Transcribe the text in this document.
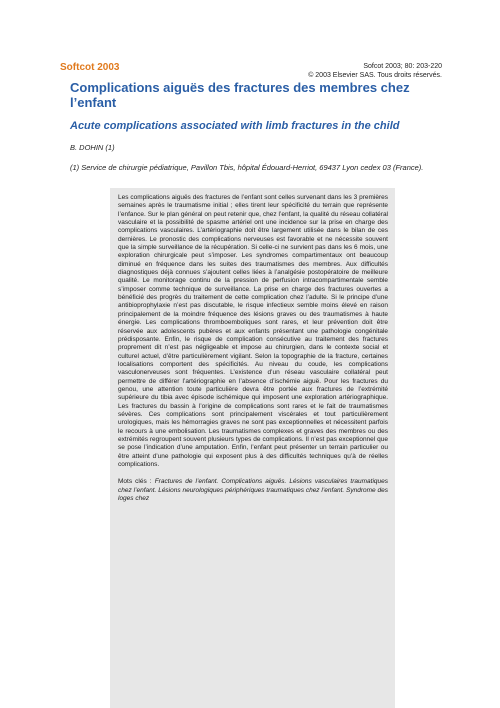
Softcot 2003	Sofcot 2003; 80: 203-220
© 2003 Elsevier SAS. Tous droits réservés.
Complications aiguës des fractures des membres chez l’enfant
Acute complications associated with limb fractures in the child
B. DOHIN (1)
(1) Service de chirurgie pédiatrique, Pavillon Tbis, hôpital Édouard-Herriot, 69437 Lyon cedex 03 (France).

Les complications aiguës des fractures de l’enfant sont celles survenant dans les 3 premières semaines après le traumatisme initial ; elles tirent leur spécificité du terrain que représente l’enfance. Sur le plan général on peut retenir que, chez l’enfant, la qualité du réseau collatéral vasculaire et la possibilité de spasme artériel ont une incidence sur la prise en charge des complications vasculaires. L’artériographie doit être largement utilisée dans le bilan de ces dernières. Le pronostic des complications nerveuses est favorable et ne nécessite souvent que la simple surveillance de la récupération. Si celle-ci ne survient pas dans les 6 mois, une exploration chirurgicale peut s’imposer. Les syndromes compartimentaux ont beaucoup diminué en fréquence dans les suites des traumatismes des membres. Aux difficultés diagnostiques déjà connues s’ajoutent celles liées à l’analgésie postopératoire de meilleure qualité. Le monitorage continu de la pression de perfusion intracompartimentale semble s’imposer comme technique de surveillance. La prise en charge des fractures ouvertes a bénéficié des progrès du traitement de cette complication chez l’adulte. Si le principe d’une antibioprophylaxie n’est pas discutable, le risque infectieux semble moins élevé en raison principalement de la moindre fréquence des lésions graves ou des traumatismes à haute énergie. Les complications thromboemboliques sont rares, et leur prévention doit être réservée aux adolescents pubères et aux enfants présentant une pathologie congénitale prédisposante. Enfin, le risque de complication consécutive au traitement des fractures proprement dit n’est pas négligeable et impose au chirurgien, dans le contexte social et culturel actuel, d’être particulièrement vigilant. Selon la topographie de la fracture, certaines localisations comportent des spécificités. Au niveau du coude, les complications vasculonerveuses sont fréquentes. L’existence d’un réseau vasculaire collatéral peut permettre de différer l’artériographie en l’absence d’ischémie aiguë. Pour les fractures du genou, une attention toute particulière devra être portée aux fractures de l’extrémité supérieure du tibia avec épisode ischémique qui imposent une exploration artériographique. Les fractures du bassin à l’origine de complications sont rares et le fait de traumatismes sévères. Ces complications sont principalement viscérales et tout particulièrement urologiques, mais les hémorragies graves ne sont pas exceptionnelles et nécessitent parfois le recours à une embolisation. Les traumatismes complexes et graves des membres ou des extrémités regroupent souvent plusieurs types de complications. Il n’est pas exceptionnel que se pose l’indication d’une amputation. Enfin, l’enfant peut présenter un terrain particulier ou être atteint d’une pathologie qui exposent plus à des difficultés techniques qu’à de réelles complications.

Mots clés : Fractures de l’enfant. Complications aiguës. Lésions vasculaires traumatiques chez l’enfant. Lésions neurologiques périphériques traumatiques chez l’enfant. Syndrome des loges chez
